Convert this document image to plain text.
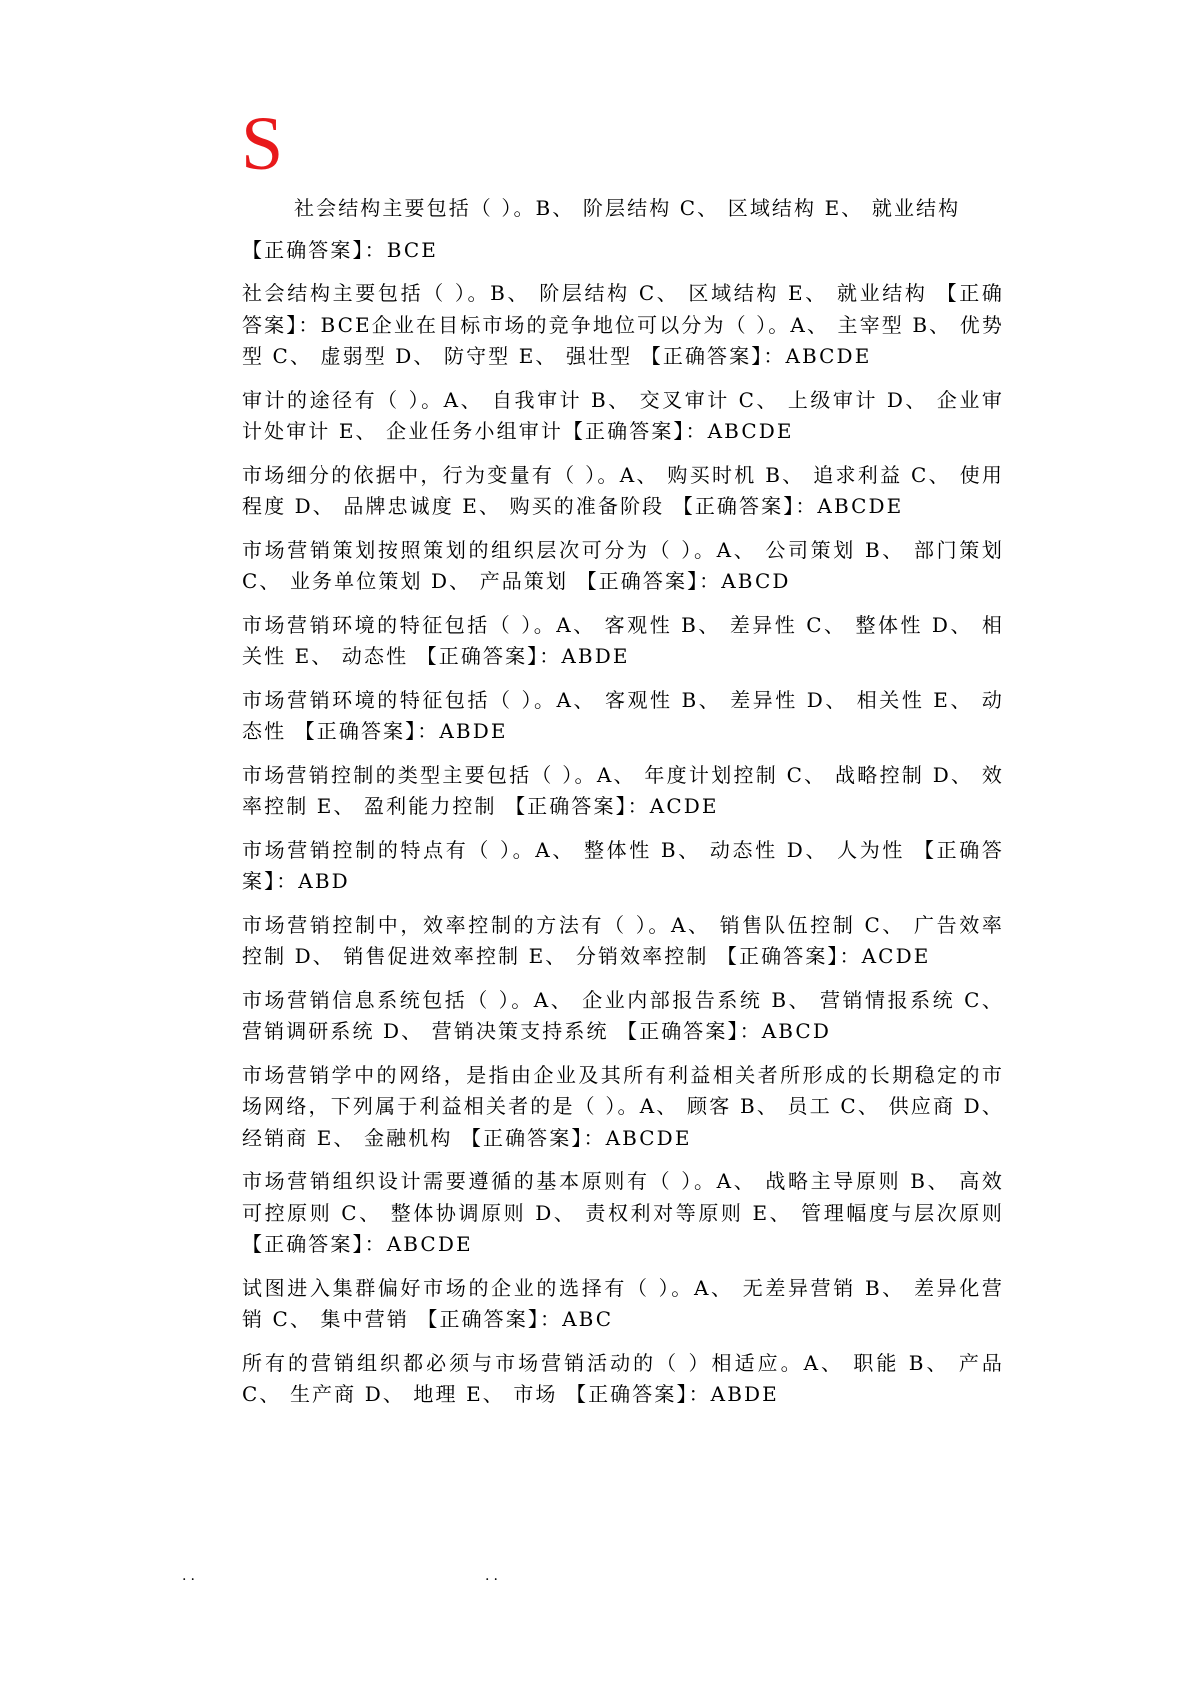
S

社会结构主要包括（ ）。B、 阶层结构 C、 区域结构 E、 就业结构

【正确答案】：BCE

社会结构主要包括（ ）。B、 阶层结构 C、 区域结构 E、 就业结构 【正确答案】：BCE企业在目标市场的竞争地位可以分为（ ）。A、 主宰型 B、 优势型 C、 虚弱型 D、 防守型 E、 强壮型 【正确答案】：ABCDE

审计的途径有（ ）。A、 自我审计 B、 交叉审计 C、 上级审计 D、 企业审计处审计 E、 企业任务小组审计【正确答案】：ABCDE

市场细分的依据中，行为变量有（ ）。A、 购买时机 B、 追求利益 C、 使用程度 D、 品牌忠诚度 E、 购买的准备阶段 【正确答案】：ABCDE

市场营销策划按照策划的组织层次可分为（ ）。A、 公司策划 B、 部门策划 C、 业务单位策划 D、 产品策划 【正确答案】：ABCD

市场营销环境的特征包括（ ）。A、 客观性 B、 差异性 C、 整体性 D、 相关性 E、 动态性 【正确答案】：ABDE

市场营销环境的特征包括（ ）。A、 客观性 B、 差异性 D、 相关性 E、 动态性 【正确答案】：ABDE

市场营销控制的类型主要包括（ ）。A、 年度计划控制 C、 战略控制 D、 效率控制 E、 盈利能力控制 【正确答案】：ACDE

市场营销控制的特点有（ ）。A、 整体性 B、 动态性 D、 人为性 【正确答案】：ABD

市场营销控制中，效率控制的方法有（ ）。A、 销售队伍控制 C、 广告效率控制 D、 销售促进效率控制 E、 分销效率控制 【正确答案】：ACDE

市场营销信息系统包括（ ）。A、 企业内部报告系统 B、 营销情报系统 C、 营销调研系统 D、 营销决策支持系统 【正确答案】：ABCD

市场营销学中的网络，是指由企业及其所有利益相关者所形成的长期稳定的市场网络，下列属于利益相关者的是（ ）。A、 顾客 B、 员工 C、 供应商 D、 经销商 E、 金融机构 【正确答案】：ABCDE

市场营销组织设计需要遵循的基本原则有（ ）。A、 战略主导原则 B、 高效可控原则 C、 整体协调原则 D、 责权利对等原则 E、 管理幅度与层次原则 【正确答案】：ABCDE

试图进入集群偏好市场的企业的选择有（ ）。A、 无差异营销 B、 差异化营销 C、 集中营销 【正确答案】：ABC

所有的营销组织都必须与市场营销活动的（ ）相适应。A、 职能 B、 产品 C、 生产商 D、 地理 E、 市场 【正确答案】：ABDE

..	..
